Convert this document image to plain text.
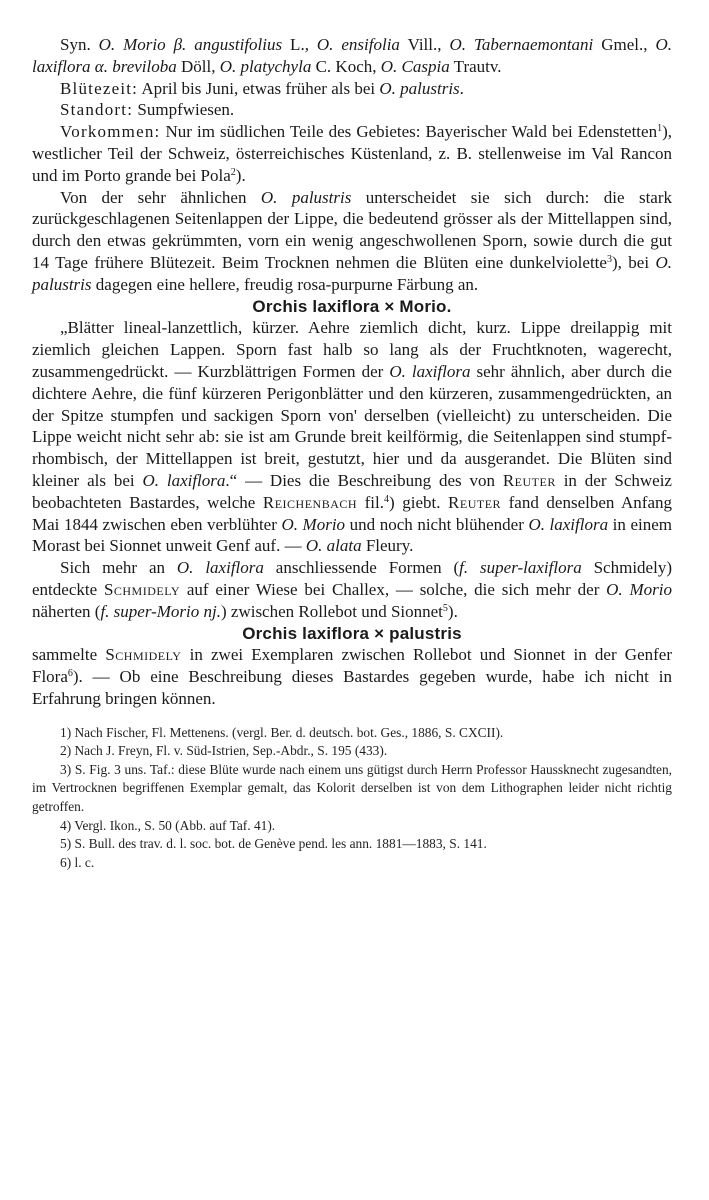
Syn. O. Morio β. angustifolius L., O. ensifolia Vill., O. Tabernaemontani Gmel., O. laxiflora α. brevіloba Döll, O. platychyla C. Koch, O. Caspia Trautv.

Blütezeit: April bis Juni, etwas früher als bei O. palustris.

Standort: Sumpfwiesen.

Vorkommen: Nur im südlichen Teile des Gebietes: Bayerischer Wald bei Edenstetten$^1$), westlicher Teil der Schweiz, österreichisches Küstenland, z. B. stellenweise im Val Rancon und im Porto grande bei Pola$^2$).

Von der sehr ähnlichen O. palustris unterscheidet sie sich durch: die stark zurückgeschlagenen Seitenlappen der Lippe, die bedeutend grösser als der Mittellappen sind, durch den etwas gekrümmten, vorn ein wenig angeschwollenen Sporn, sowie durch die gut 14 Tage frühere Blütezeit. Beim Trocknen nehmen die Blüten eine dunkelviolette$^3$), bei O. palustris dagegen eine hellere, freudig rosa-purpurne Färbung an.

Orchis laxiflora × Morio.

„Blätter lineal-lanzettlich, kürzer. Aehre ziemlich dicht, kurz. Lippe dreilappig mit ziemlich gleichen Lappen. Sporn fast halb so lang als der Fruchtknoten, wagerecht, zusammengedrückt. — Kurzblättrigen Formen der O. laxiflora sehr ähnlich, aber durch die dichtere Aehre, die fünf kürzeren Perigonblätter und den kürzeren, zusammengedrückten, an der Spitze stumpfen und sackigen Sporn von' derselben (vielleicht) zu unterscheiden. Die Lippe weicht nicht sehr ab: sie ist am Grunde breit keilförmig, die Seitenlappen sind stumpf-rhombisch, der Mittellappen ist breit, gestutzt, hier und da ausgerandet. Die Blüten sind kleiner als bei O. laxiflora.“ — Dies die Beschreibung des von Reuter in der Schweiz beobachteten Bastardes, welche Reichenbach fil.$^4$) giebt. Reuter fand denselben Anfang Mai 1844 zwischen eben verblühter O. Morio und noch nicht blühender O. laxiflora in einem Morast bei Sionnet unweit Genf auf. — O. alata Fleury.

Sich mehr an O. laxiflora anschliessende Formen (f. super-laxiflora Schmidely) entdeckte Schmidely auf einer Wiese bei Challex, — solche, die sich mehr der O. Morio näherten (f. super-Morio nj.) zwischen Rollebot und Sionnet$^5$).

Orchis laxiflora × palustris

sammelte Schmidely in zwei Exemplaren zwischen Rollebot und Sionnet in der Genfer Flora$^6$). — Ob eine Beschreibung dieses Bastardes gegeben wurde, habe ich nicht in Erfahrung bringen können.

1) Nach Fischer, Fl. Mettenens. (vergl. Ber. d. deutsch. bot. Ges., 1886, S. CXCII).

2) Nach J. Freyn, Fl. v. Süd-Istrien, Sep.-Abdr., S. 195 (433).

3) S. Fig. 3 uns. Taf.: diese Blüte wurde nach einem uns gütigst durch Herrn Professor Haussknecht zugesandten, im Vertrocknen begriffenen Exemplar gemalt, das Kolorit derselben ist von dem Lithographen leider nicht richtig getroffen.

4) Vergl. Ikon., S. 50 (Abb. auf Taf. 41).

5) S. Bull. des trav. d. l. soc. bot. de Genève pend. les ann. 1881—1883, S. 141.

6) l. c.
